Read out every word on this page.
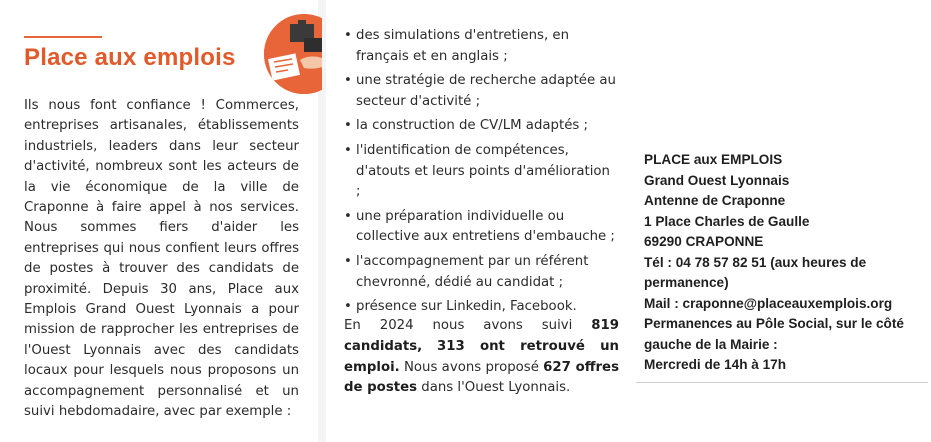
Place aux emplois
Ils nous font confiance ! Commerces, entreprises artisanales, établissements industriels, leaders dans leur secteur d'activité, nombreux sont les acteurs de la vie économique de la ville de Craponne à faire appel à nos services. Nous sommes fiers d'aider les entreprises qui nous confient leurs offres de postes à trouver des candidats de proximité. Depuis 30 ans, Place aux Emplois Grand Ouest Lyonnais a pour mission de rapprocher les entreprises de l'Ouest Lyonnais avec des candidats locaux pour lesquels nous proposons un accompagnement personnalisé et un suivi hebdomadaire, avec par exemple :
• des simulations d'entretiens, en français et en anglais ;
• une stratégie de recherche adaptée au secteur d'activité ;
• la construction de CV/LM adaptés ;
• l'identification de compétences, d'atouts et leurs points d'amélioration ;
• une préparation individuelle ou collective aux entretiens d'embauche ;
• l'accompagnement par un référent chevronné, dédié au candidat ;
• présence sur Linkedin, Facebook.
En 2024 nous avons suivi 819 candidats, 313 ont retrouvé un emploi. Nous avons proposé 627 offres de postes dans l'Ouest Lyonnais.
PLACE aux EMPLOIS
Grand Ouest Lyonnais
Antenne de Craponne
1 Place Charles de Gaulle
69290 CRAPONNE
Tél : 04 78 57 82 51 (aux heures de permanence)
Mail : craponne@placeauxemplois.org
Permanences au Pôle Social, sur le côté gauche de la Mairie :
Mercredi de 14h à 17h
